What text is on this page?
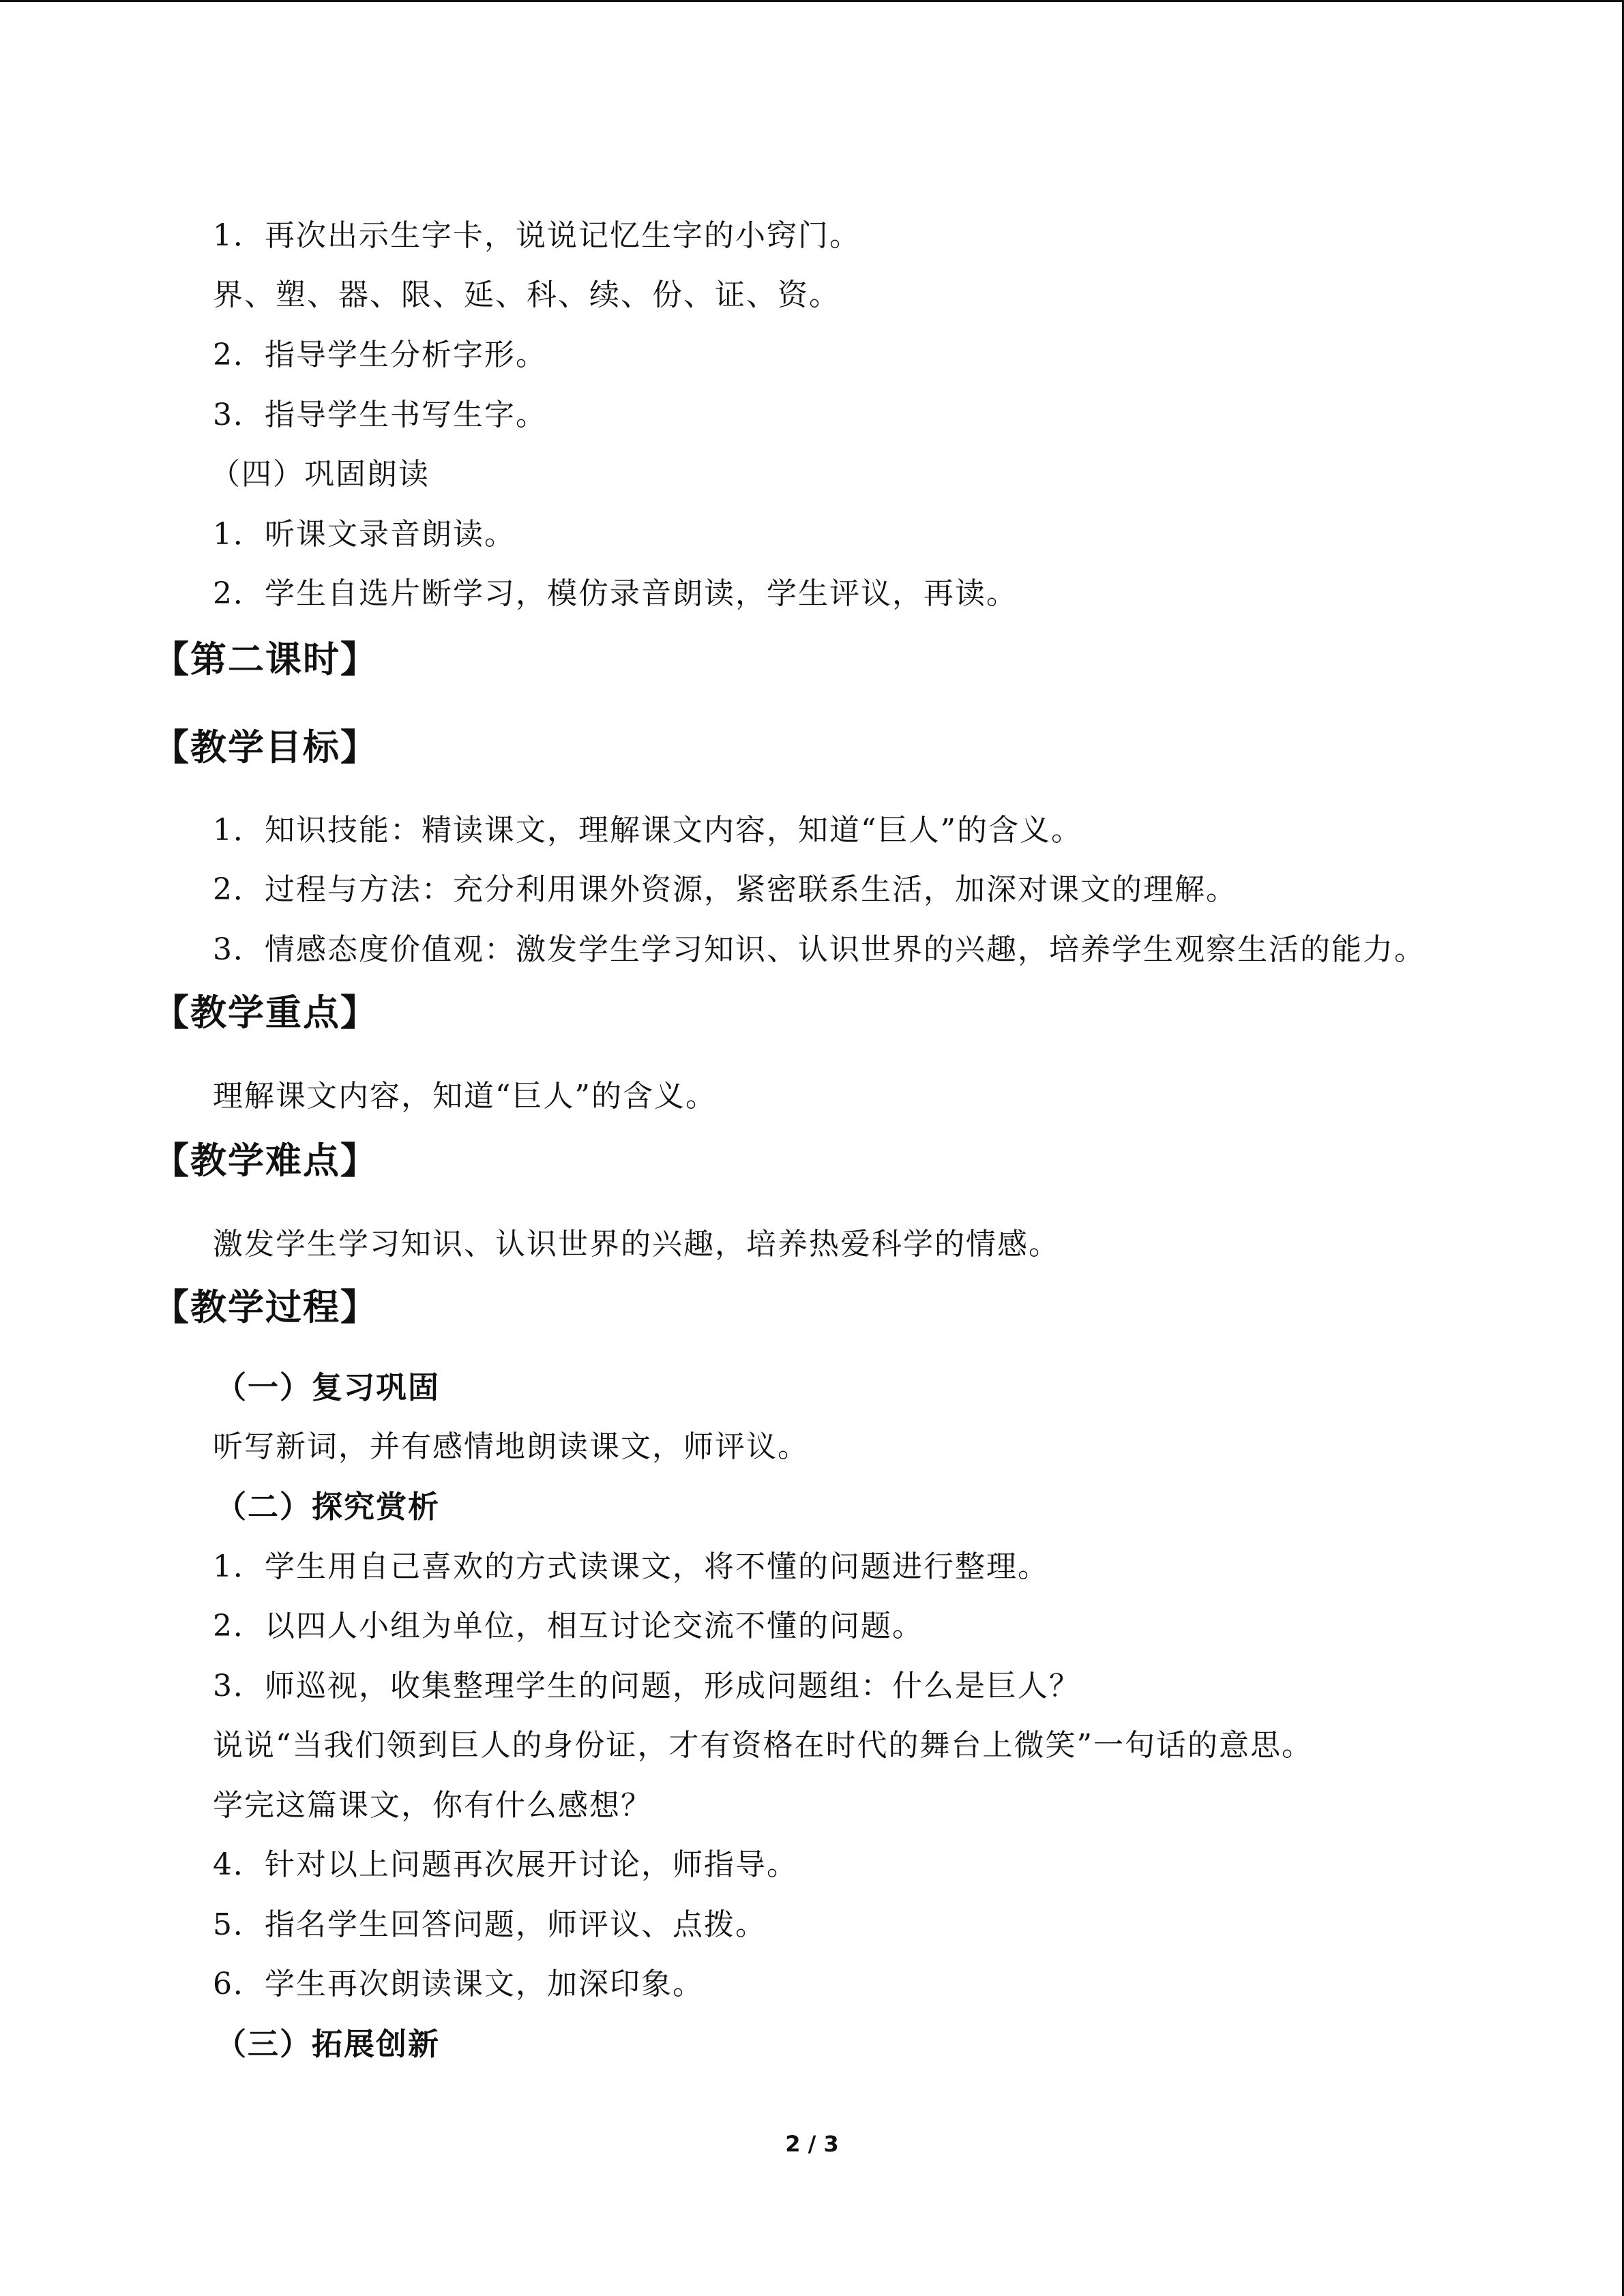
1．再次出示生字卡，说说记忆生字的小窍门。
界、塑、器、限、延、科、续、份、证、资。
2．指导学生分析字形。
3．指导学生书写生字。
（四）巩固朗读
1．听课文录音朗读。
2．学生自选片断学习，模仿录音朗读，学生评议，再读。
【第二课时】
【教学目标】
1．知识技能：精读课文，理解课文内容，知道“巨人”的含义。
2．过程与方法：充分利用课外资源，紧密联系生活，加深对课文的理解。
3．情感态度价值观：激发学生学习知识、认识世界的兴趣，培养学生观察生活的能力。
【教学重点】
理解课文内容，知道“巨人”的含义。
【教学难点】
激发学生学习知识、认识世界的兴趣，培养热爱科学的情感。
【教学过程】
（一）复习巩固
听写新词，并有感情地朗读课文，师评议。
（二）探究赏析
1．学生用自己喜欢的方式读课文，将不懂的问题进行整理。
2．以四人小组为单位，相互讨论交流不懂的问题。
3．师巡视，收集整理学生的问题，形成问题组：什么是巨人？
说说“当我们领到巨人的身份证，才有资格在时代的舞台上微笑”一句话的意思。
学完这篇课文，你有什么感想？
4．针对以上问题再次展开讨论，师指导。
5．指名学生回答问题，师评议、点拨。
6．学生再次朗读课文，加深印象。
（三）拓展创新
2 / 3
